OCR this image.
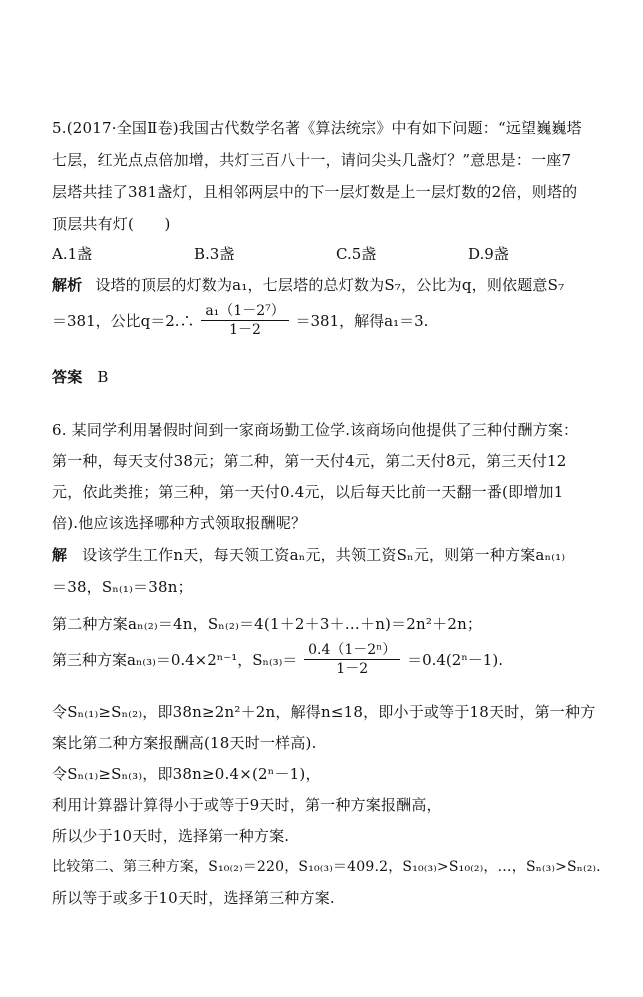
5.(2017·全国Ⅱ卷)我国古代数学名著《算法统宗》中有如下问题：“远望巍巍塔
七层，红光点点倍加增，共灯三百八十一，请问尖头几盏灯？”意思是：一座7
层塔共挂了381盏灯，且相邻两层中的下一层灯数是上一层灯数的2倍，则塔的
顶层共有灯(　　)
A.1盏	B.3盏	C.5盏	D.9盏
解析 设塔的顶层的灯数为a₁，七层塔的总灯数为S₇，公比为q，则依题意S₇
＝381，公比q＝2.∴ $\frac{\text{a₁（1－2⁷）}}{1-2} =381$，解得a₁＝3.
答案 B
6. 某同学利用暑假时间到一家商场勤工俭学.该商场向他提供了三种付酬方案：
第一种，每天支付38元；第二种，第一天付4元，第二天付8元，第三天付12
元，依此类推；第三种，第一天付0.4元，以后每天比前一天翻一番(即增加1
倍).他应该选择哪种方式领取报酬呢？
解 设该学生工作n天，每天领工资aₙ元，共领工资Sₙ元，则第一种方案aₙ₍₁₎
＝38，Sₙ₍₁₎＝38n；
第二种方案aₙ₍₂₎＝4n，Sₙ₍₂₎＝4(1＋2＋3＋…＋n)＝2n²＋2n；
第三种方案aₙ₍₃₎＝0.4×2ⁿ⁻¹，$S_{n(3)}= \frac{\text{0.4（1－2ⁿ）}}{1-2} =0.4(2^n-1)$.
令Sₙ₍₁₎≥Sₙ₍₂₎，即38n≥2n²＋2n，解得n≤18，即小于或等于18天时，第一种方
案比第二种方案报酬高(18天时一样高).
令Sₙ₍₁₎≥Sₙ₍₃₎，即38n≥0.4×(2ⁿ－1)，
利用计算器计算得小于或等于9天时，第一种方案报酬高，
所以少于10天时，选择第一种方案.
比较第二、第三种方案，S₁₀₍₂₎＝220，S₁₀₍₃₎＝409.2，S₁₀₍₃₎>S₁₀₍₂₎，…，Sₙ₍₃₎>Sₙ₍₂₎.
所以等于或多于10天时，选择第三种方案.
